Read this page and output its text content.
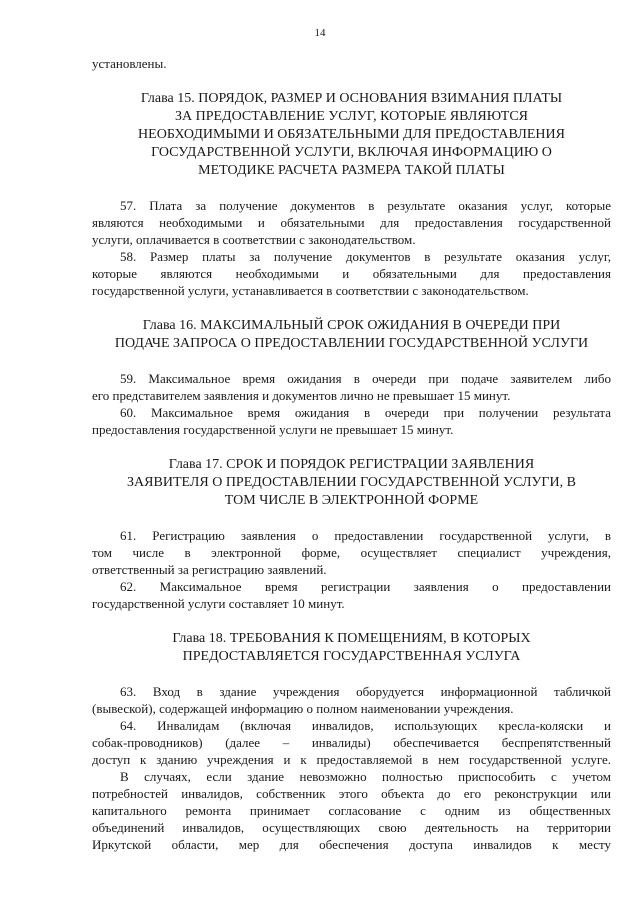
14
установлены.
Глава 15. ПОРЯДОК, РАЗМЕР И ОСНОВАНИЯ ВЗИМАНИЯ ПЛАТЫ
ЗА ПРЕДОСТАВЛЕНИЕ УСЛУГ, КОТОРЫЕ ЯВЛЯЮТСЯ
НЕОБХОДИМЫМИ И ОБЯЗАТЕЛЬНЫМИ ДЛЯ ПРЕДОСТАВЛЕНИЯ
ГОСУДАРСТВЕННОЙ УСЛУГИ, ВКЛЮЧАЯ ИНФОРМАЦИЮ О
МЕТОДИКЕ РАСЧЕТА РАЗМЕРА ТАКОЙ ПЛАТЫ
57. Плата за получение документов в результате оказания услуг, которые
являются необходимыми и обязательными для предоставления государственной
услуги, оплачивается в соответствии с законодательством.
58. Размер платы за получение документов в результате оказания услуг,
которые являются необходимыми и обязательными для предоставления
государственной услуги, устанавливается в соответствии с законодательством.
Глава 16. МАКСИМАЛЬНЫЙ СРОК ОЖИДАНИЯ В ОЧЕРЕДИ ПРИ
ПОДАЧЕ ЗАПРОСА О ПРЕДОСТАВЛЕНИИ ГОСУДАРСТВЕННОЙ УСЛУГИ
59. Максимальное время ожидания в очереди при подаче заявителем либо
его представителем заявления и документов лично не превышает 15 минут.
60. Максимальное время ожидания в очереди при получении результата
предоставления государственной услуги не превышает 15 минут.
Глава 17. СРОК И ПОРЯДОК РЕГИСТРАЦИИ ЗАЯВЛЕНИЯ
ЗАЯВИТЕЛЯ О ПРЕДОСТАВЛЕНИИ ГОСУДАРСТВЕННОЙ УСЛУГИ, В
ТОМ ЧИСЛЕ В ЭЛЕКТРОННОЙ ФОРМЕ
61. Регистрацию заявления о предоставлении государственной услуги, в
том числе в электронной форме, осуществляет специалист учреждения,
ответственный за регистрацию заявлений.
62. Максимальное время регистрации заявления о предоставлении
государственной услуги составляет 10 минут.
Глава 18. ТРЕБОВАНИЯ К ПОМЕЩЕНИЯМ, В КОТОРЫХ
ПРЕДОСТАВЛЯЕТСЯ ГОСУДАРСТВЕННАЯ УСЛУГА
63. Вход в здание учреждения оборудуется информационной табличкой
(вывеской), содержащей информацию о полном наименовании учреждения.
64. Инвалидам (включая инвалидов, использующих кресла-коляски и
собак-проводников) (далее – инвалиды) обеспечивается беспрепятственный
доступ к зданию учреждения и к предоставляемой в нем государственной услуге.
В случаях, если здание невозможно полностью приспособить с учетом
потребностей инвалидов, собственник этого объекта до его реконструкции или
капитального ремонта принимает согласование с одним из общественных
объединений инвалидов, осуществляющих свою деятельность на территории
Иркутской области, мер для обеспечения доступа инвалидов к месту
